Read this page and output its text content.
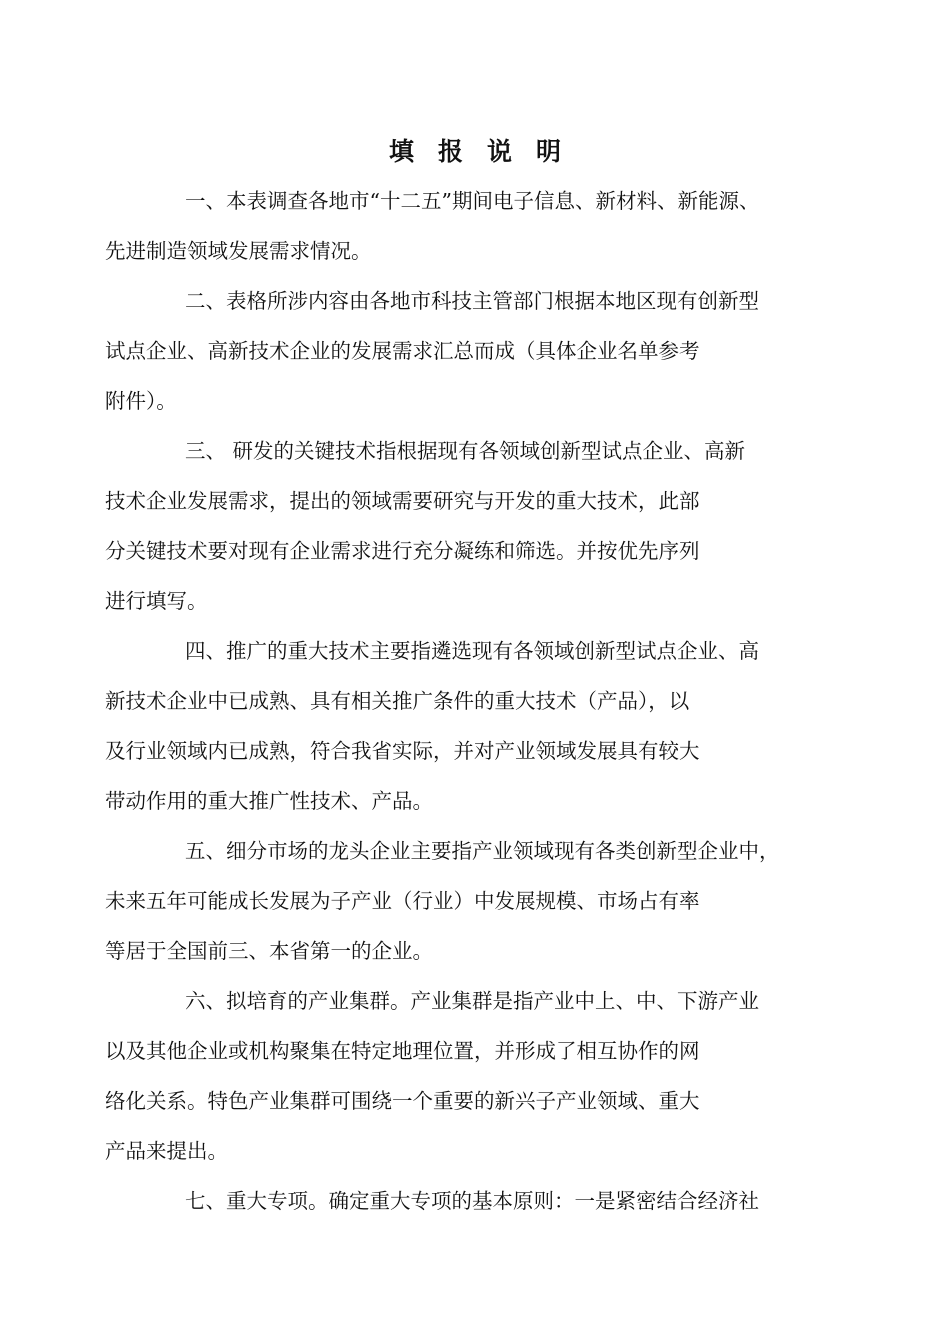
填报说明

一、本表调查各地市“十二五”期间电子信息、新材料、新能源、
先进制造领域发展需求情况。

二、表格所涉内容由各地市科技主管部门根据本地区现有创新型
试点企业、高新技术企业的发展需求汇总而成（具体企业名单参考
附件）。

三、 研发的关键技术指根据现有各领域创新型试点企业、高新
技术企业发展需求，提出的领域需要研究与开发的重大技术，此部
分关键技术要对现有企业需求进行充分凝练和筛选。并按优先序列
进行填写。

四、推广的重大技术主要指遴选现有各领域创新型试点企业、高
新技术企业中已成熟、具有相关推广条件的重大技术（产品），以
及行业领域内已成熟，符合我省实际，并对产业领域发展具有较大
带动作用的重大推广性技术、产品。

五、细分市场的龙头企业主要指产业领域现有各类创新型企业中，
未来五年可能成长发展为子产业（行业）中发展规模、市场占有率
等居于全国前三、本省第一的企业。

六、拟培育的产业集群。产业集群是指产业中上、中、下游产业
以及其他企业或机构聚集在特定地理位置，并形成了相互协作的网
络化关系。特色产业集群可围绕一个重要的新兴子产业领域、重大
产品来提出。

七、重大专项。确定重大专项的基本原则：一是紧密结合经济社
